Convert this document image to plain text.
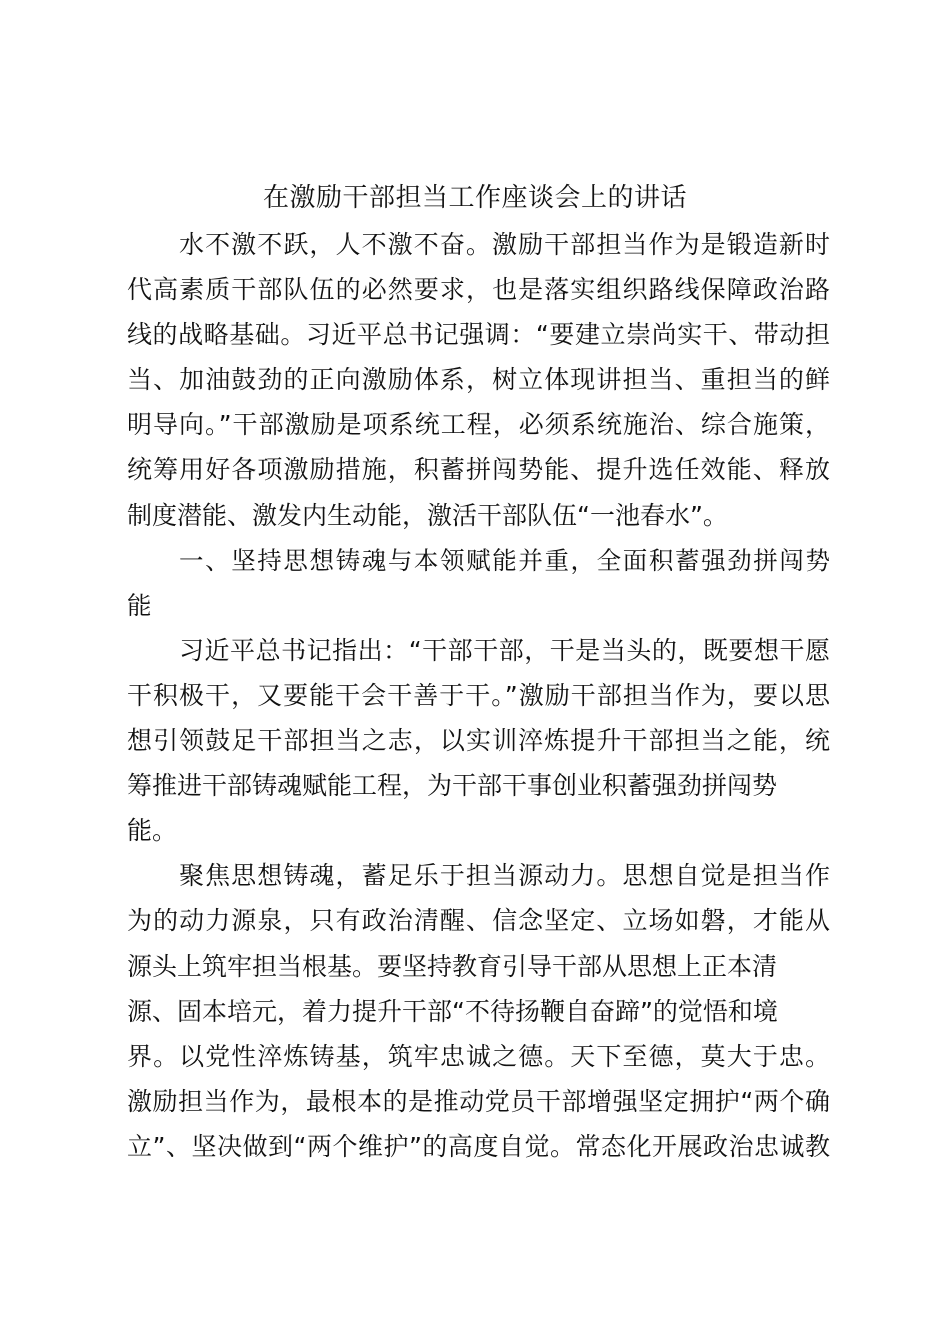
在激励干部担当工作座谈会上的讲话
水不激不跃，人不激不奋。激励干部担当作为是锻造新时
代高素质干部队伍的必然要求，也是落实组织路线保障政治路
线的战略基础。习近平总书记强调：“要建立崇尚实干、带动担
当、加油鼓劲的正向激励体系，树立体现讲担当、重担当的鲜
明导向。”干部激励是项系统工程，必须系统施治、综合施策，
统筹用好各项激励措施，积蓄拼闯势能、提升选任效能、释放
制度潜能、激发内生动能，激活干部队伍“一池春水”。
一、坚持思想铸魂与本领赋能并重，全面积蓄强劲拼闯势
能
习近平总书记指出：“干部干部，干是当头的，既要想干愿
干积极干，又要能干会干善于干。”激励干部担当作为，要以思
想引领鼓足干部担当之志，以实训淬炼提升干部担当之能，统
筹推进干部铸魂赋能工程，为干部干事创业积蓄强劲拼闯势
能。
聚焦思想铸魂，蓄足乐于担当源动力。思想自觉是担当作
为的动力源泉，只有政治清醒、信念坚定、立场如磐，才能从
源头上筑牢担当根基。要坚持教育引导干部从思想上正本清
源、固本培元，着力提升干部“不待扬鞭自奋蹄”的觉悟和境
界。以党性淬炼铸基，筑牢忠诚之德。天下至德，莫大于忠。
激励担当作为，最根本的是推动党员干部增强坚定拥护“两个确
立”、坚决做到“两个维护”的高度自觉。常态化开展政治忠诚教
